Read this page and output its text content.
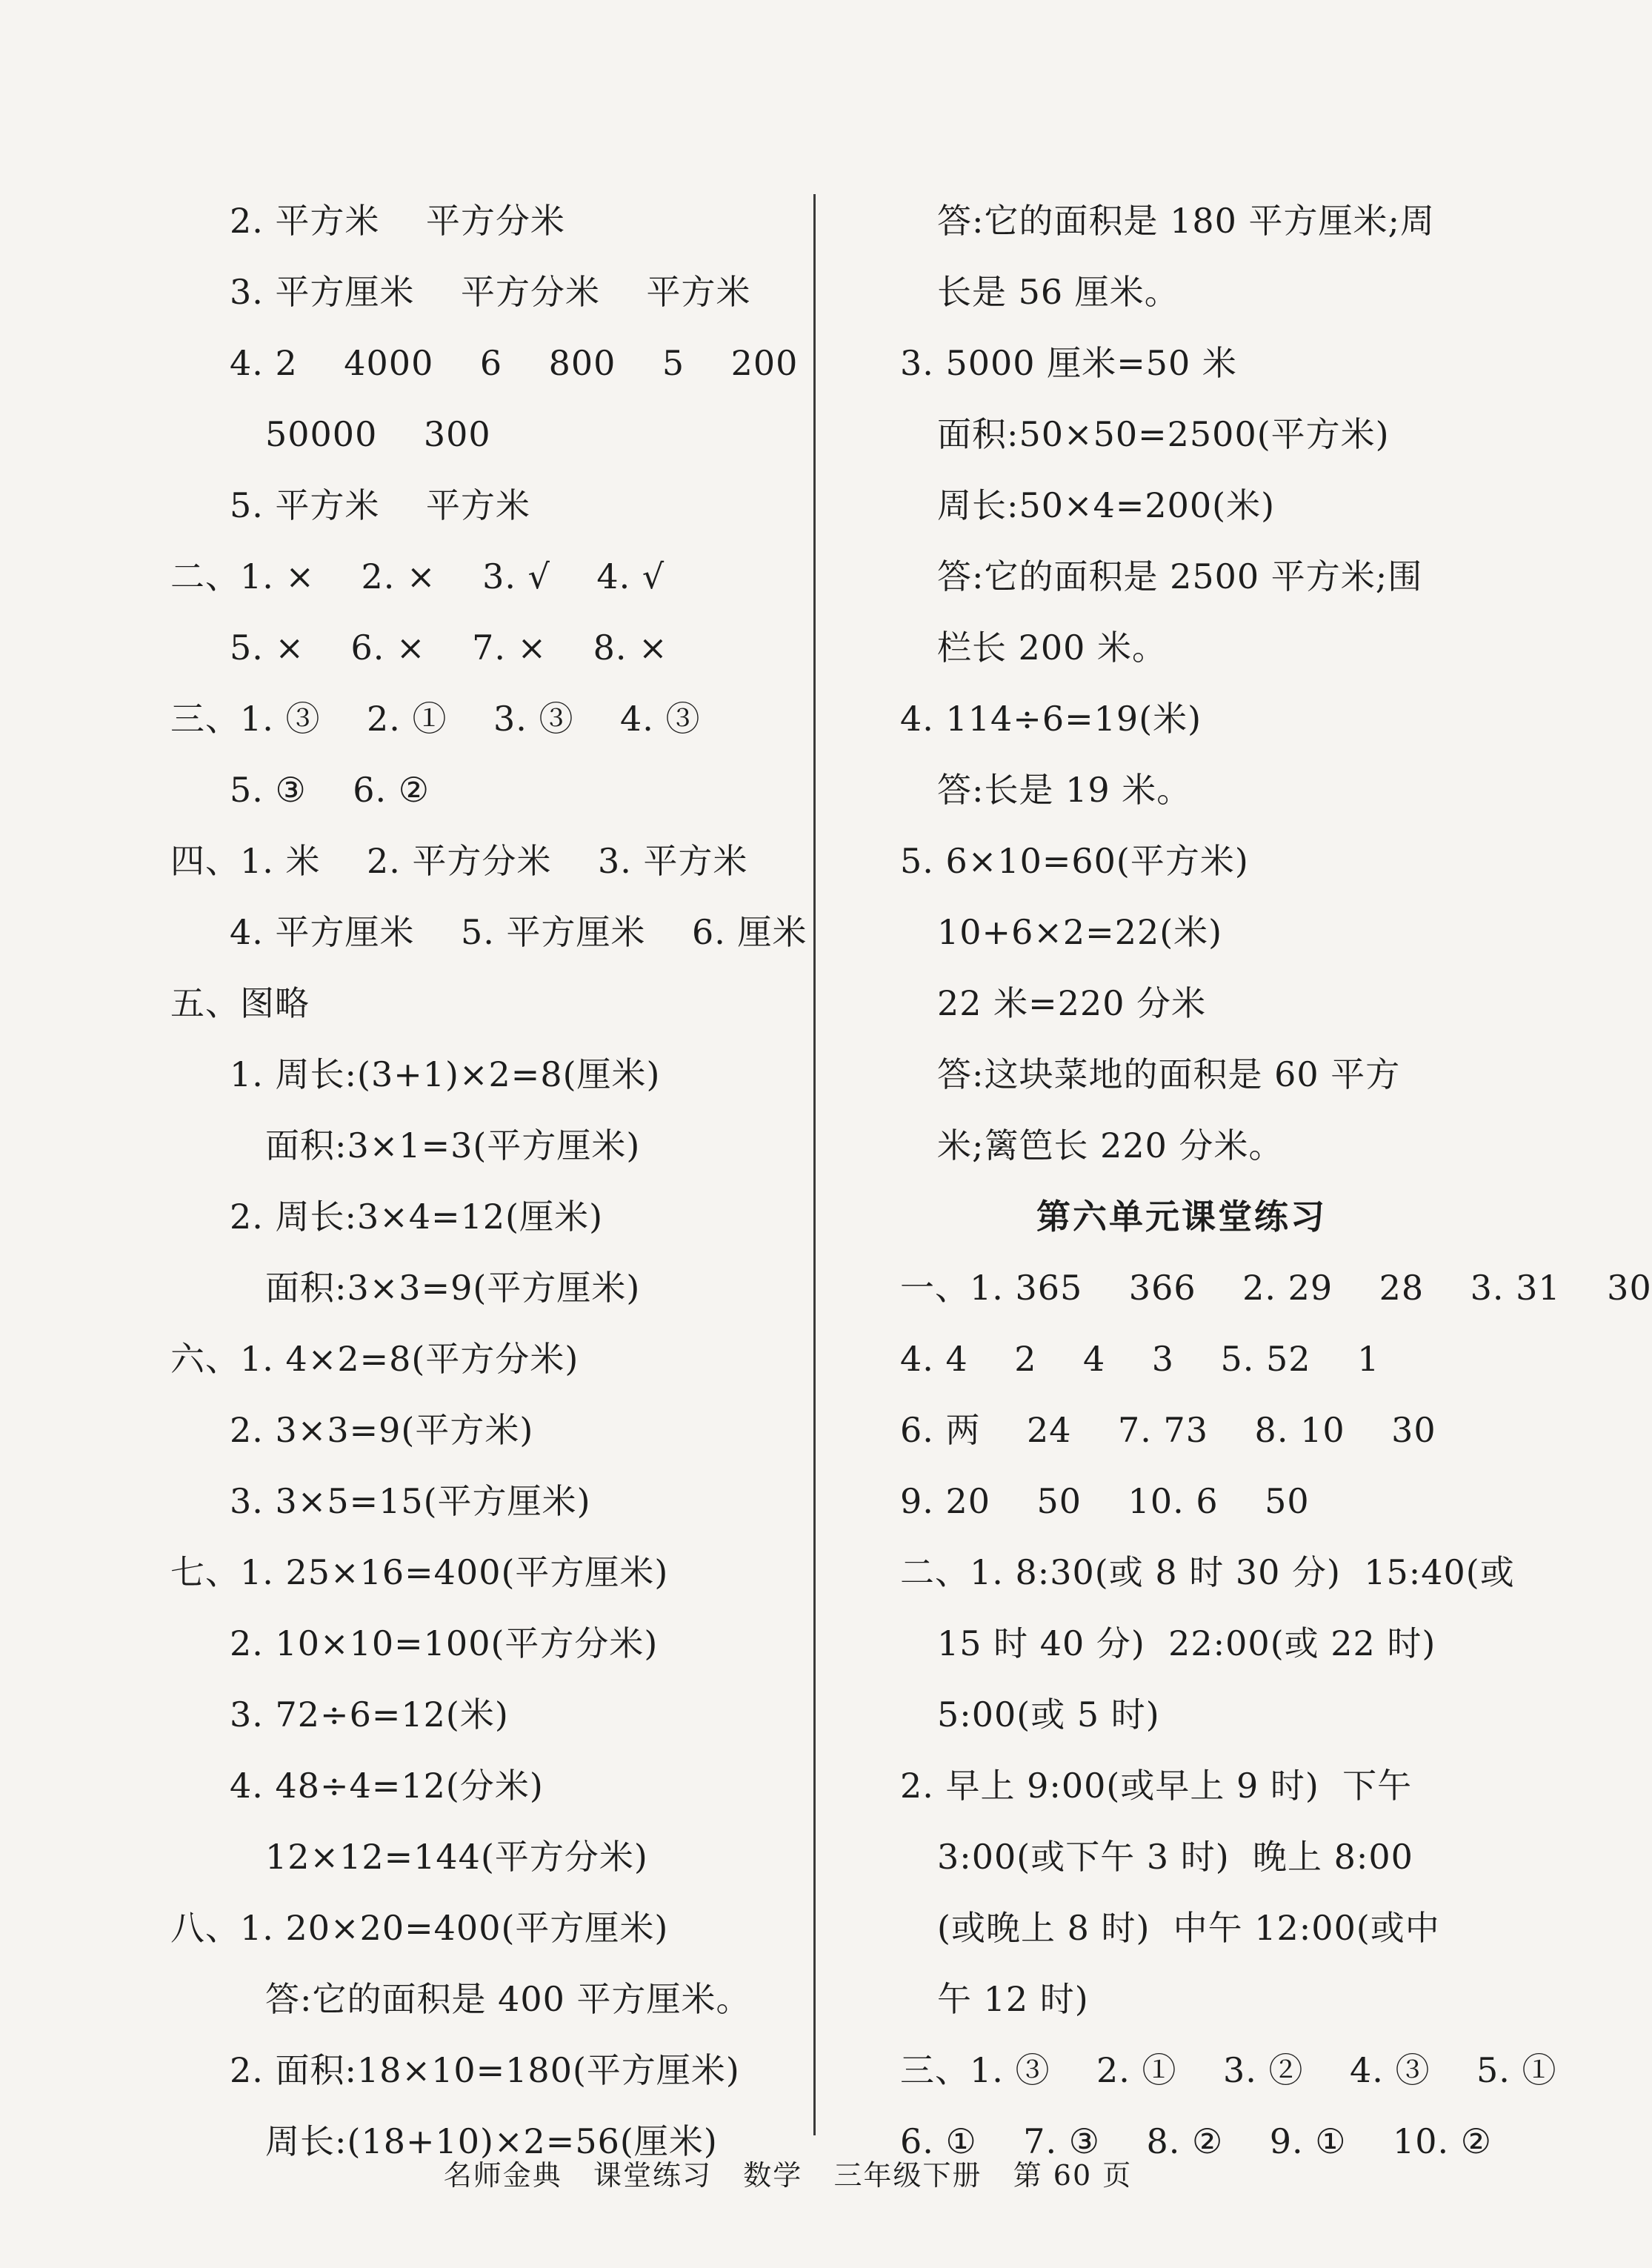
2. 平方米    平方分米
3. 平方厘米    平方分米    平方米
4. 2    4000    6    800    5    200
50000    300
5. 平方米    平方米
二、1. ×    2. ×    3. √    4. √
5. ×    6. ×    7. ×    8. ×
三、1. ③    2. ①    3. ③    4. ③
5. ③    6. ②
四、1. 米    2. 平方分米    3. 平方米
4. 平方厘米    5. 平方厘米    6. 厘米
五、图略
1. 周长:(3+1)×2=8(厘米)
面积:3×1=3(平方厘米)
2. 周长:3×4=12(厘米)
面积:3×3=9(平方厘米)
六、1. 4×2=8(平方分米)
2. 3×3=9(平方米)
3. 3×5=15(平方厘米)
七、1. 25×16=400(平方厘米)
2. 10×10=100(平方分米)
3. 72÷6=12(米)
4. 48÷4=12(分米)
12×12=144(平方分米)
八、1. 20×20=400(平方厘米)
答:它的面积是 400 平方厘米。
2. 面积:18×10=180(平方厘米)
周长:(18+10)×2=56(厘米)
答:它的面积是 180 平方厘米;周
长是 56 厘米。
3. 5000 厘米=50 米
面积:50×50=2500(平方米)
周长:50×4=200(米)
答:它的面积是 2500 平方米;围
栏长 200 米。
4. 114÷6=19(米)
答:长是 19 米。
5. 6×10=60(平方米)
10+6×2=22(米)
22 米=220 分米
答:这块菜地的面积是 60 平方
米;篱笆长 220 分米。
第六单元课堂练习
一、1. 365    366    2. 29    28    3. 31    30
4. 4    2    4    3    5. 52    1
6. 两    24    7. 73    8. 10    30
9. 20    50    10. 6    50
二、1. 8:30(或 8 时 30 分)  15:40(或
15 时 40 分)  22:00(或 22 时)
5:00(或 5 时)
2. 早上 9:00(或早上 9 时)  下午
3:00(或下午 3 时)  晚上 8:00
(或晚上 8 时)  中午 12:00(或中
午 12 时)
三、1. ③    2. ①    3. ②    4. ③    5. ①
6. ①    7. ③    8. ②    9. ①    10. ②
名师金典   课堂练习   数学   三年级下册   第 60 页
